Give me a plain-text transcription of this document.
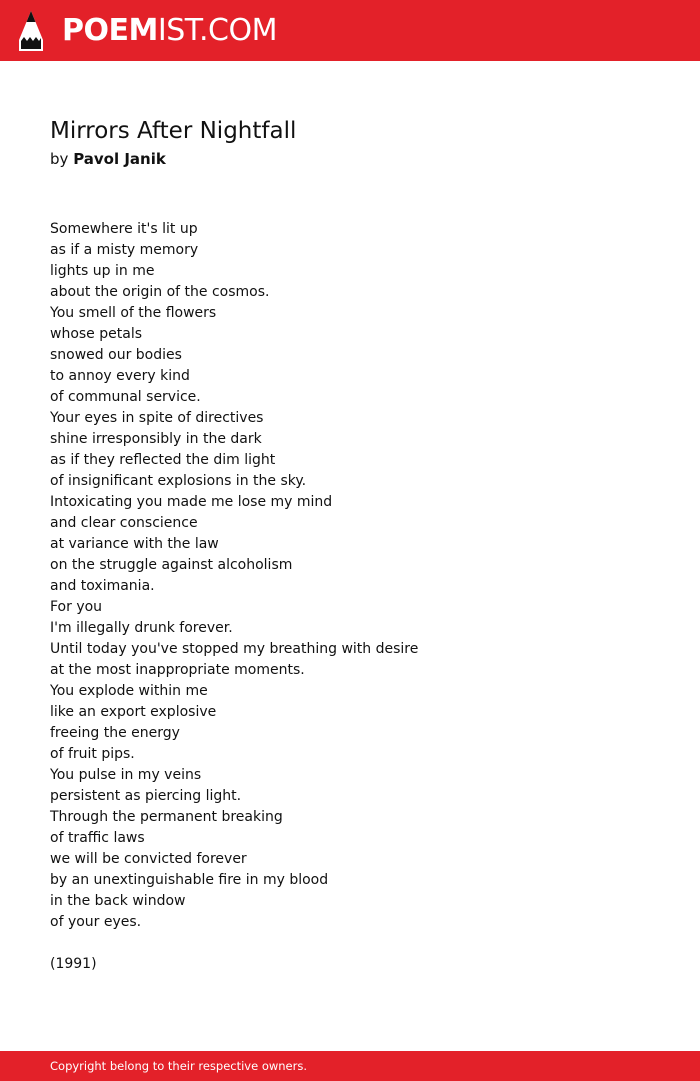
POEMIST.COM
Mirrors After Nightfall
by Pavol Janik
Somewhere it's lit up
as if a misty memory
lights up in me
about the origin of the cosmos.
You smell of the flowers
whose petals
snowed our bodies
to annoy every kind
of communal service.
Your eyes in spite of directives
shine irresponsibly in the dark
as if they reflected the dim light
of insignificant explosions in the sky.
Intoxicating you made me lose my mind
and clear conscience
at variance with the law
on the struggle against alcoholism
and toximania.
For you
I'm illegally drunk forever.
Until today you've stopped my breathing with desire
at the most inappropriate moments.
You explode within me
like an export explosive
freeing the energy
of fruit pips.
You pulse in my veins
persistent as piercing light.
Through the permanent breaking
of traffic laws
we will be convicted forever
by an unextinguishable fire in my blood
in the back window
of your eyes.
(1991)
Copyright belong to their respective owners.
